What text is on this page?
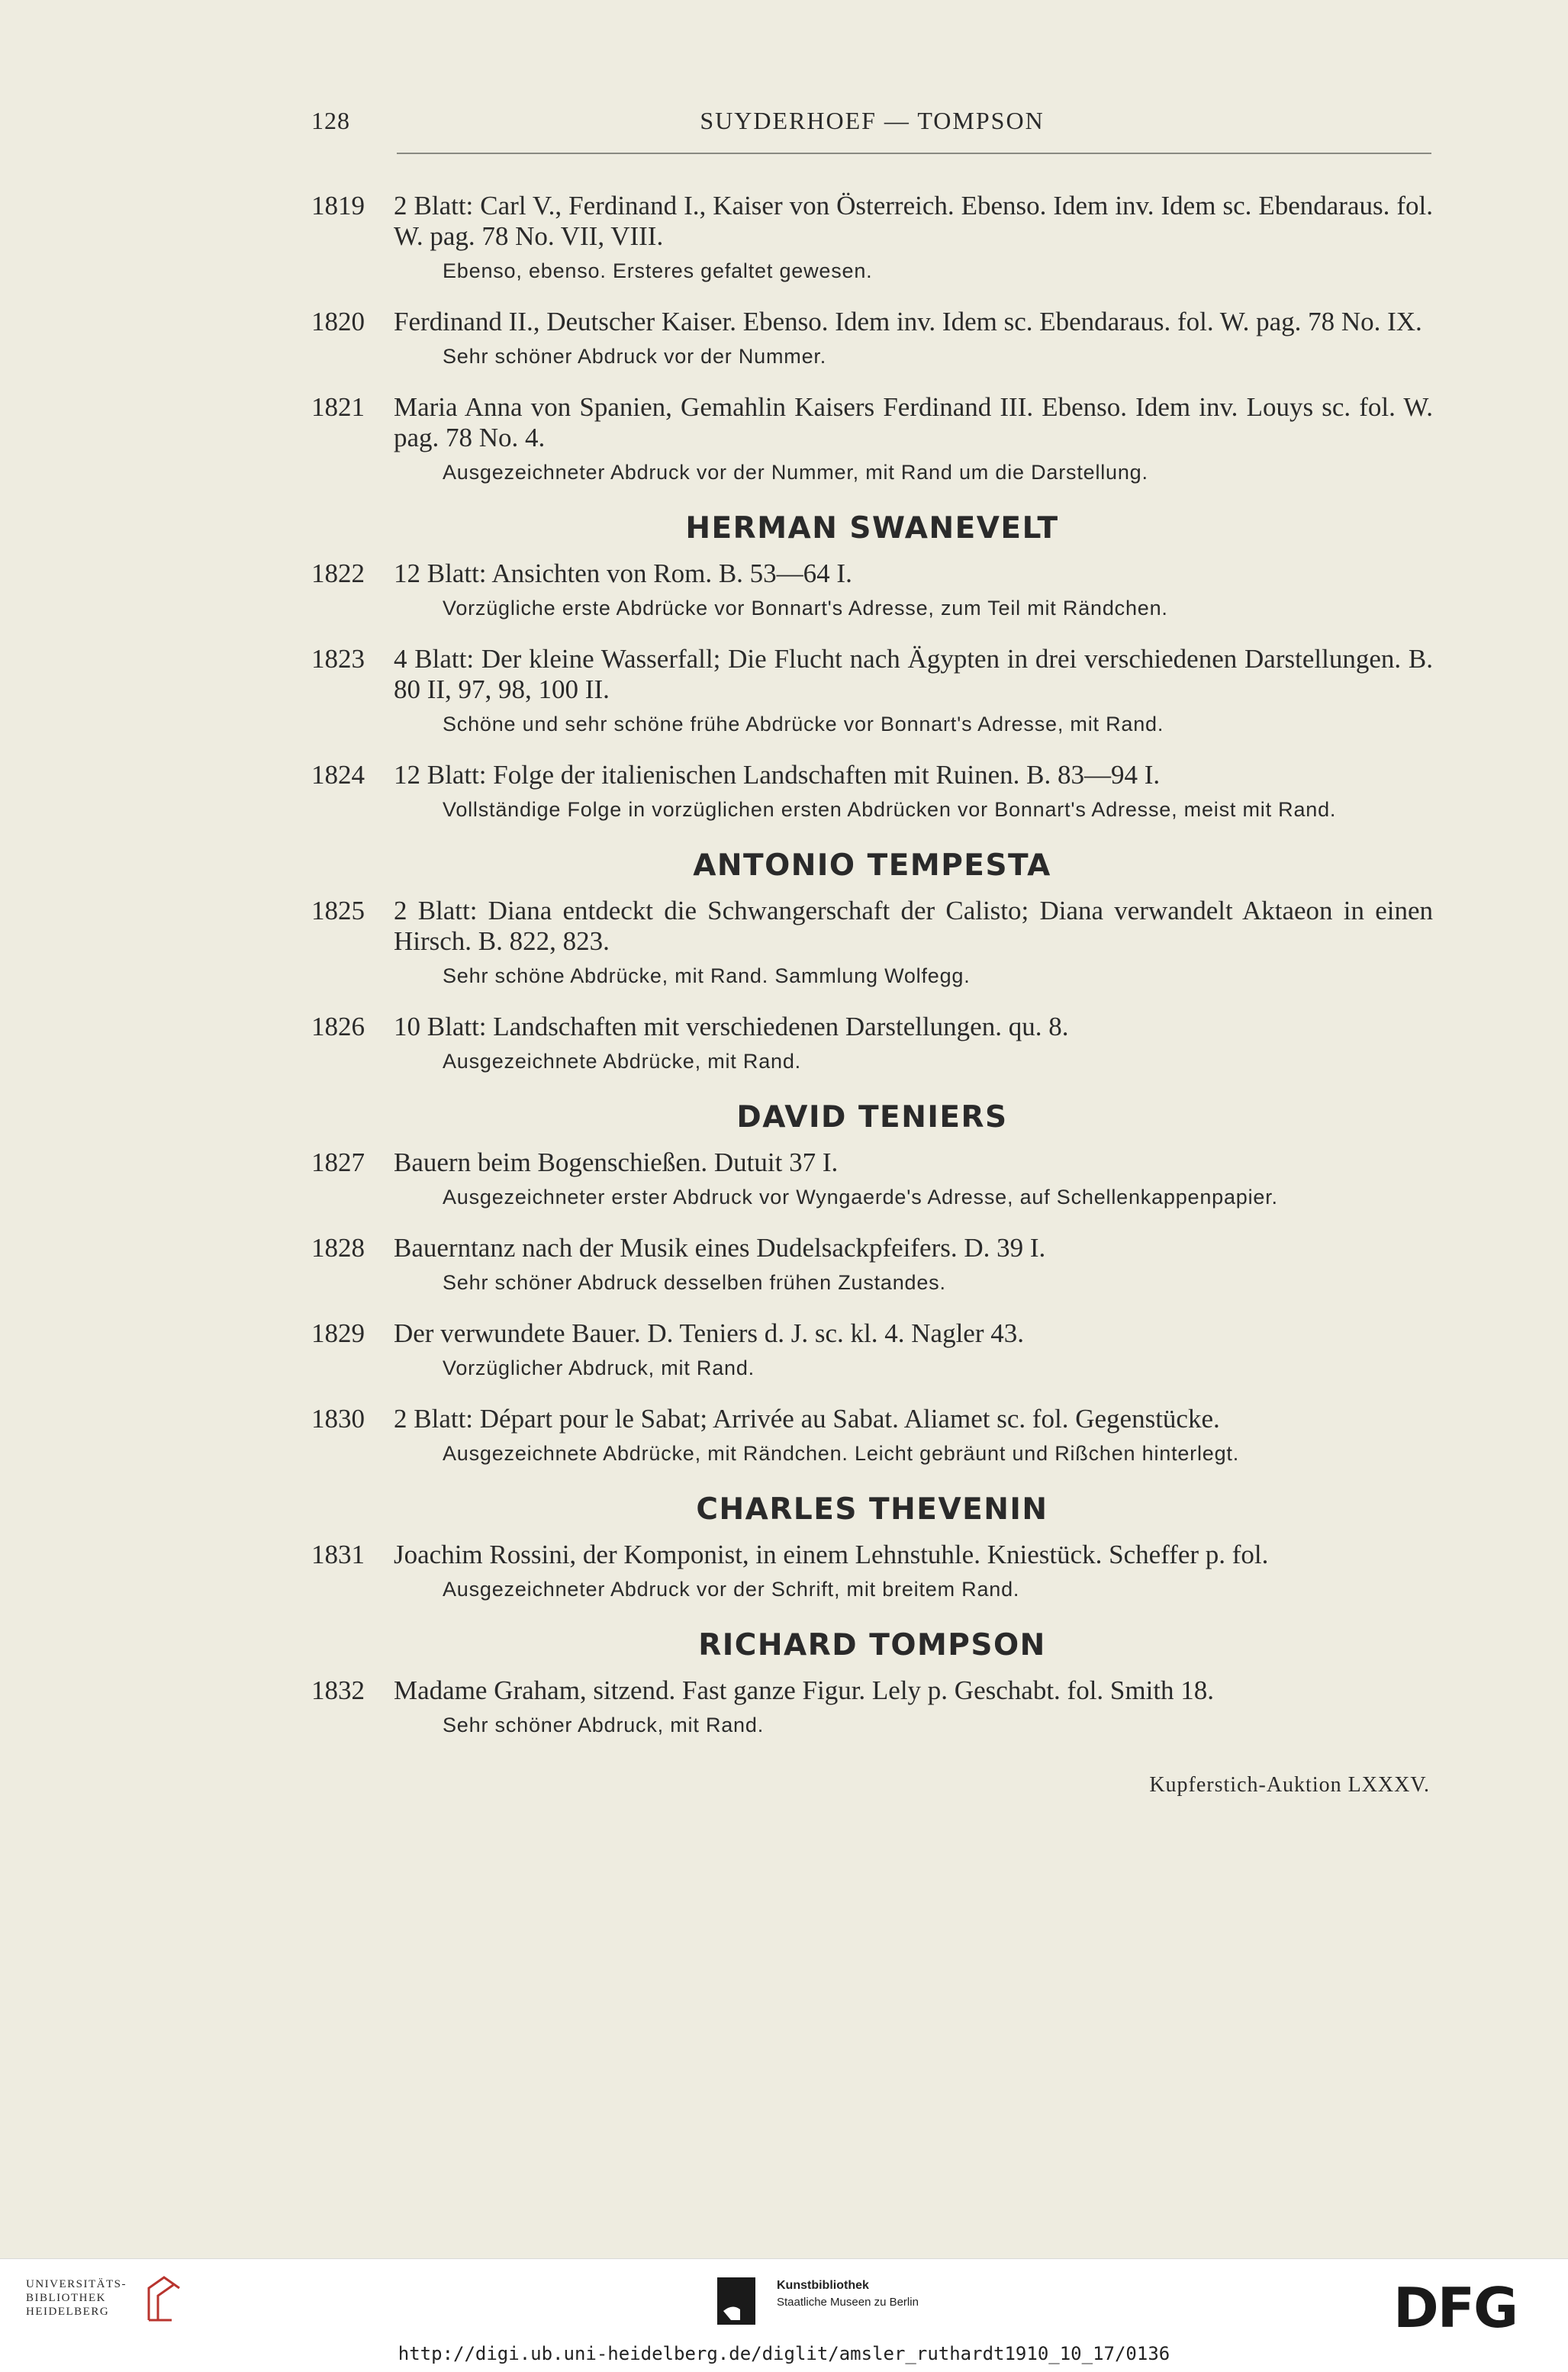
128	SUYDERHOEF — TOMPSON
1819	2 Blatt: Carl V., Ferdinand I., Kaiser von Österreich. Ebenso. Idem inv. Idem sc. Ebendaraus. fol. W. pag. 78 No. VII, VIII.
Ebenso, ebenso. Ersteres gefaltet gewesen.
1820	Ferdinand II., Deutscher Kaiser. Ebenso. Idem inv. Idem sc. Ebendaraus. fol. W. pag. 78 No. IX.
Sehr schöner Abdruck vor der Nummer.
1821	Maria Anna von Spanien, Gemahlin Kaisers Ferdinand III. Ebenso. Idem inv. Louys sc. fol. W. pag. 78 No. 4.
Ausgezeichneter Abdruck vor der Nummer, mit Rand um die Darstellung.
HERMAN SWANEVELT
1822	12 Blatt: Ansichten von Rom. B. 53—64 I.
Vorzügliche erste Abdrücke vor Bonnart's Adresse, zum Teil mit Rändchen.
1823	4 Blatt: Der kleine Wasserfall; Die Flucht nach Ägypten in drei verschiedenen Darstellungen. B. 80 II, 97, 98, 100 II.
Schöne und sehr schöne frühe Abdrücke vor Bonnart's Adresse, mit Rand.
1824	12 Blatt: Folge der italienischen Landschaften mit Ruinen. B. 83—94 I.
Vollständige Folge in vorzüglichen ersten Abdrücken vor Bonnart's Adresse, meist mit Rand.
ANTONIO TEMPESTA
1825	2 Blatt: Diana entdeckt die Schwangerschaft der Calisto; Diana verwandelt Aktaeon in einen Hirsch. B. 822, 823.
Sehr schöne Abdrücke, mit Rand. Sammlung Wolfegg.
1826	10 Blatt: Landschaften mit verschiedenen Darstellungen. qu. 8.
Ausgezeichnete Abdrücke, mit Rand.
DAVID TENIERS
1827	Bauern beim Bogenschießen. Dutuit 37 I.
Ausgezeichneter erster Abdruck vor Wyngaerde's Adresse, auf Schellenkappenpapier.
1828	Bauerntanz nach der Musik eines Dudelsackpfeifers. D. 39 I.
Sehr schöner Abdruck desselben frühen Zustandes.
1829	Der verwundete Bauer. D. Teniers d. J. sc. kl. 4. Nagler 43.
Vorzüglicher Abdruck, mit Rand.
1830	2 Blatt: Départ pour le Sabat; Arrivée au Sabat. Aliamet sc. fol. Gegenstücke.
Ausgezeichnete Abdrücke, mit Rändchen. Leicht gebräunt und Rißchen hinterlegt.
CHARLES THEVENIN
1831	Joachim Rossini, der Komponist, in einem Lehnstuhle. Kniestück. Scheffer p. fol.
Ausgezeichneter Abdruck vor der Schrift, mit breitem Rand.
RICHARD TOMPSON
1832	Madame Graham, sitzend. Fast ganze Figur. Lely p. Geschabt. fol. Smith 18.
Sehr schöner Abdruck, mit Rand.
Kupferstich-Auktion LXXXV.
UNIVERSITÄTS-
BIBLIOTHEK
HEIDELBERG
Kunstbibliothek
Staatliche Museen zu Berlin	DFG
http://digi.ub.uni-heidelberg.de/diglit/amsler_ruthardt1910_10_17/0136
